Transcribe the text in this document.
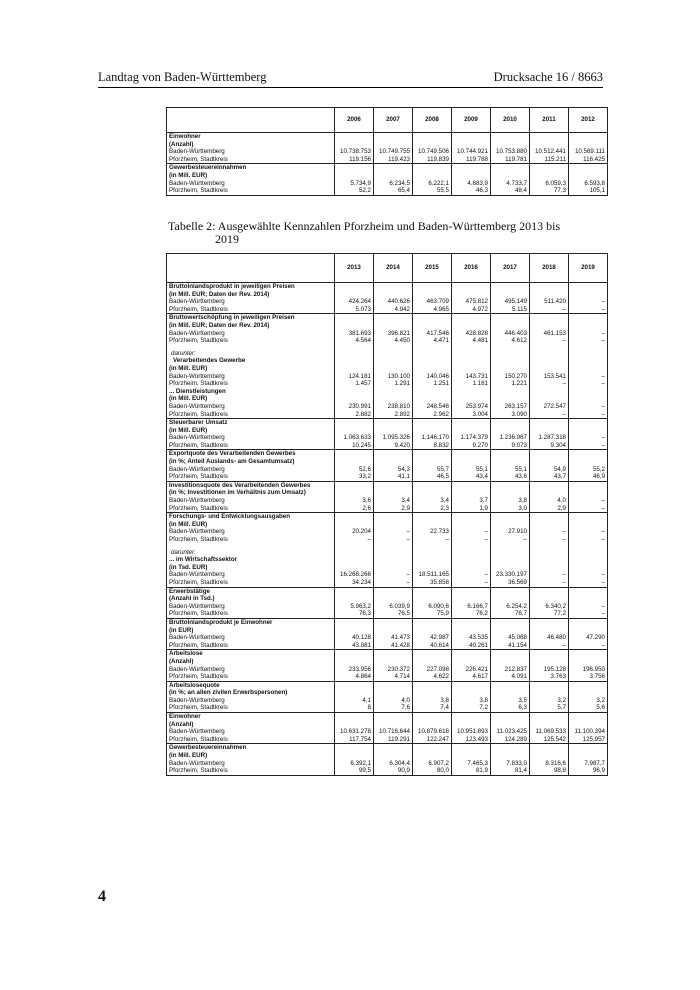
Landtag von Baden-Württemberg	Drucksache 16 / 8663
	2006	2007	2008	2009	2010	2011	2012
Einwohner							
(Anzahl)							
Baden-Württemberg	10.738.753	10.749.755	10.749.506	10.744.921	10.753.880	10.512.441	10.569.111
Pforzheim, Stadtkreis	119.156	119.423	119.839	119.788	119.781	115.211	116.425
Gewerbesteuereinnahmen							
(in Mill. EUR)							
Baden-Württemberg	5.734,9	6.234,5	6.222,1	4.683,9	4.733,7	6.059,3	6.593,8
Pforzheim, Stadtkreis	52,2	65,4	55,5	46,3	48,4	77,3	105,1
Tabelle 2: Ausgewählte Kennzahlen Pforzheim und Baden-Württemberg 2013 bis
2019
	2013	2014	2015	2016	2017	2018	2019
Bruttoinlandsprodukt in jeweiligen Preisen							
(in Mill. EUR; Daten der Rev. 2014)							
Baden-Württemberg	424.264	440.626	463.709	475.812	495.149	511.420	–
Pforzheim, Stadtkreis	5.073	4.942	4.965	4.972	5.115	–	–
Bruttowertschöpfung in jeweiligen Preisen							
(in Mill. EUR; Daten der Rev. 2014)							
Baden-Württemberg	381.693	396.821	417.546	428.828	446.403	461.153	–
Pforzheim, Stadtkreis	4.564	4.450	4.471	4.481	4.612	–	–

darunter:							
Verarbeitendes Gewerbe							
(in Mill. EUR)							
Baden-Württemberg	124.181	130.100	140.046	143.731	150.270	153.541	–
Pforzheim, Stadtkreis	1.457	1.291	1.251	1.181	1.221	–	–
... Dienstleistungen							
(in Mill. EUR)							
Baden-Württemberg	230.991	238.810	248.546	253.974	263.157	272.547	–
Pforzheim, Stadtkreis	2.882	2.892	2.962	3.004	3.090	–	–
Steuerbarer Umsatz							
(in Mill. EUR)							
Baden-Württemberg	1.063.633	1.095.326	1.146.170	1.174.379	1.236.967	1.287.318	–
Pforzheim, Stadtkreis	10.245	9.420	8.832	9.270	9.073	9.304	–
Exportquote des Verarbeitenden Gewerbes							
(in %; Anteil Auslands- am Gesamtumsatz)							
Baden-Württemberg	52,6	54,3	55,7	55,1	55,1	54,9	55,2
Pforzheim, Stadtkreis	33,2	41,1	46,5	43,4	43,6	43,7	46,9
Investitionsquote des Verarbeitenden Gewerbes							
(in %; Investitionen im Verhältnis zum Umsatz)							
Baden-Württemberg	3,6	3,4	3,4	3,7	3,8	4,0	–
Pforzheim, Stadtkreis	2,6	2,9	2,3	1,9	3,0	2,9	–
Forschungs- und Entwicklungsausgaben							
(in Mill. EUR)							
Baden-Württemberg	20.204	–	22.733	–	27.910	–	–
Pforzheim, Stadtkreis	–	–	–	–	–	–	–

darunter:							
... im Wirtschaftssektor							
(in Tsd. EUR)							
Baden-Württemberg	16.268.266	–	18.511.165	–	23.330.197	–	–
Pforzheim, Stadtkreis	34.234	–	35.858	–	36.569	–	–
Erwerbstätige							
(Anzahl in Tsd.)							
Baden-Württemberg	5.963,2	6.039,9	6.090,6	6.166,7	6.254,2	6.340,2	–
Pforzheim, Stadtkreis	76,3	76,5	75,9	76,2	76,7	77,2	–
Bruttoinlandsprodukt je Einwohner							
(in EUR)							
Baden-Württemberg	40.128	41.473	42.987	43.535	45.068	46.480	47.290
Pforzheim, Stadtkreis	43.081	41.428	40.614	40.261	41.154	–	–
Arbeitslose							
(Anzahl)							
Baden-Württemberg	233.956	230.372	227.098	226.421	212.837	195.128	196.950
Pforzheim, Stadtkreis	4.864	4.714	4.622	4.617	4.091	3.763	3.756
Arbeitslosequote							
(in %; an allen zivilen Erwerbspersonen)							
Baden-Württemberg	4,1	4,0	3,8	3,8	3,5	3,2	3,2
Pforzheim, Stadtkreis	8	7,6	7,4	7,2	6,3	5,7	5,6
Einwohner							
(Anzahl)							
Baden-Württemberg	10.631.278	10.716.644	10.879.618	10.951.893	11.023.425	11.069.533	11.100.394
Pforzheim, Stadtkreis	117.754	119.291	122.247	123.493	124.289	125.542	125.957
Gewerbesteuereinnahmen							
(in Mill. EUR)							
Baden-Württemberg	6.392,1	6.304,4	6.907,2	7.465,3	7.833,0	8.316,6	7.987,7
Pforzheim, Stadtkreis	99,5	90,9	80,0	81,9	81,4	98,8	96,9
4
